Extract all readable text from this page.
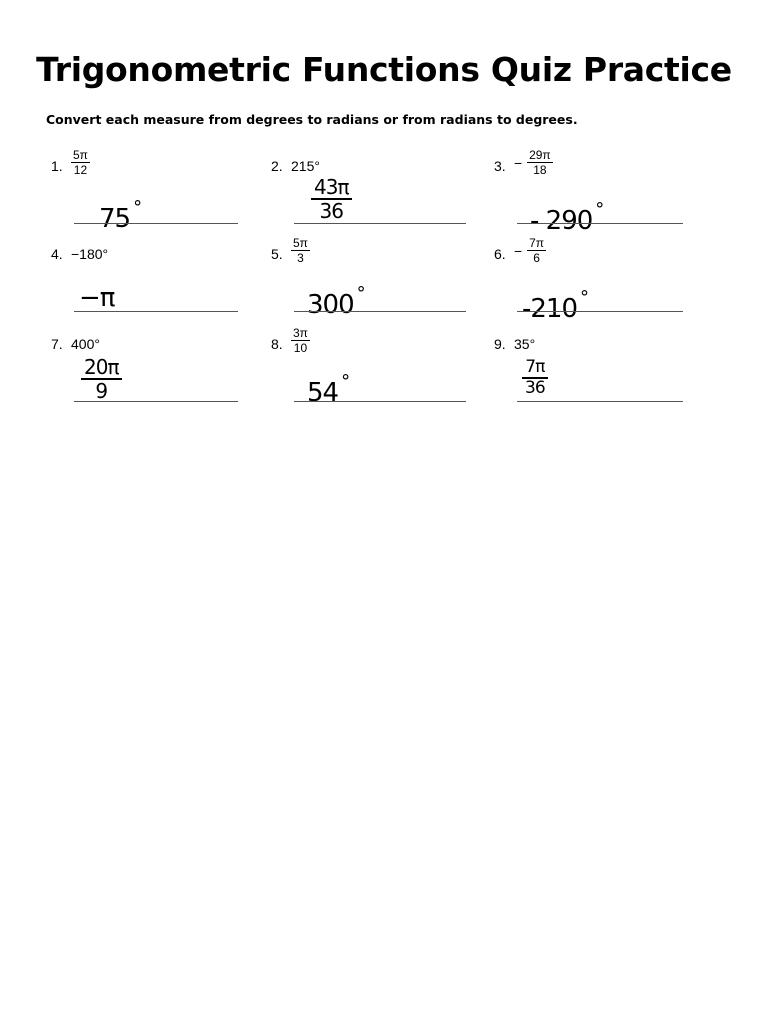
Trigonometric Functions Quiz Practice
Convert each measure from degrees to radians or from radians to degrees.
1. $\frac{5\pi}{12}$
75 °
2. 215°
$\frac{43\pi}{36}$
3. − $\frac{29\pi}{18}$
- 290 °
4. −180°
−π
5. $\frac{5\pi}{3}$
300 °
6. − $\frac{7\pi}{6}$
-210 °
7. 400°
$\frac{20\pi}{9}$
8. $\frac{3\pi}{10}$
54 °
9. 35°
$\frac{7\pi}{36}$
